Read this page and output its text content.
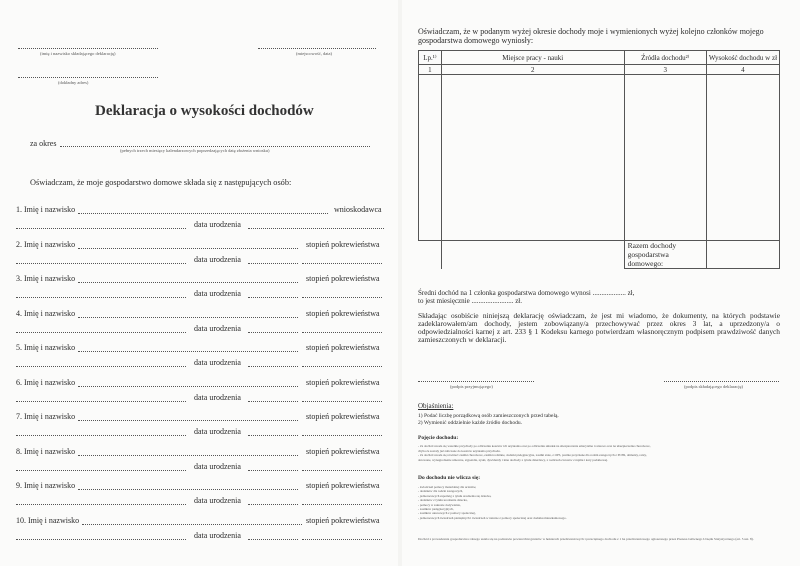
(imię i nazwisko składającego deklarację)	(miejscowość, data)
(dokładny adres)
Deklaracja o wysokości dochodów
za okres
(pełnych trzech miesięcy kalendarzowych poprzedzających datę złożenia wniosku)
Oświadczam, że moje gospodarstwo domowe składa się z następujących osób:
1. Imię i nazwisko	wnioskodawca
data urodzenia
2. Imię i nazwisko	stopień pokrewieństwa
data urodzenia
3. Imię i nazwisko	stopień pokrewieństwa
data urodzenia
4. Imię i nazwisko	stopień pokrewieństwa
data urodzenia
5. Imię i nazwisko	stopień pokrewieństwa
data urodzenia
6. Imię i nazwisko	stopień pokrewieństwa
data urodzenia
7. Imię i nazwisko	stopień pokrewieństwa
data urodzenia
8. Imię i nazwisko	stopień pokrewieństwa
data urodzenia
9. Imię i nazwisko	stopień pokrewieństwa
data urodzenia
10. Imię i nazwisko	stopień pokrewieństwa
data urodzenia
Oświadczam, że w podanym wyżej okresie dochody moje i wymienionych wyżej kolejno członków mojego gospodarstwa domowego wyniosły:
Lp.¹⁾	Miejsce pracy - nauki	Źródła dochodu²⁾	Wysokość dochodu w zł
1	2	3	4

		Razem dochody gospodarstwa domowego:	
Średni dochód na 1 członka gospodarstwa domowego wynosi ................... zł,
to jest miesięcznie ........................ zł.
Składając osobiście niniejszą deklarację oświadczam, że jest mi wiadomo, że dokumenty, na których podstawie zadeklarowałem/am dochody, jestem zobowiązany/a przechowywać przez okres 3 lat, a uprzedzony/a o odpowiedzialności karnej z art. 233 § 1 Kodeksu karnego potwierdzam własnoręcznym podpisem prawdziwość danych zamieszczonych w deklaracji.
(podpis przyjmującego)	(podpis składającego deklarację)
Objaśnienia:
1) Podać liczbę porządkową osób zamieszczonych przed tabelą.
2) Wymienić oddzielnie każde źródło dochodu.
Pojęcie dochodu:
- Za dochód uważa się wszelkie przychody po odliczeniu kosztów ich uzyskania oraz po odliczeniu składek na ubezpieczenie emerytalne i rentowe oraz na ubezpieczenie chorobowe,
chyba że zostały już zaliczone do kosztów uzyskania przychodu.
- Za dochód uważa się również: zasiłki chorobowe, zasiłki rodzinne, dodatki pielęgnacyjne, zasiłki stałe, z OPS, premie przyznane dla rodzin zastępczych z PCPR, alimenty, renty,
dotowane, wynagrodzenie umowne, stypendia, zyski, dywidendy i inne dochody z tytułu dzierżawy, z rozliczeń zwrotów z najmu i kary podatkowej.
Do dochodu nie wlicza się:
- świadczeń pomocy materialnej dla uczniów,
- dodatków dla rodzin zastępczych,
- jednorazowych zapomóg z tytułu urodzenia się dziecka,
- dodatków z tytułu urodzenia dziecka,
- pomocy w zakresie dożywiania,
- zasiłków pielęgnacyjnych,
- zasiłków okresowych z pomocy społecznej,
- jednorazowych świadczeń pieniężnych i świadczeń w naturze z pomocy społecznej oraz dodatku mieszkaniowego.
Dochód z prowadzenia gospodarstwa rolnego ustala się na podstawie powierzchni gruntów w hektarach przeliczeniowych i przeciętnego dochodu z 1 ha przeliczeniowego ogłoszonego przez Prezesa Głównego Urzędu Statystycznego (art. 5 ust. 8).
